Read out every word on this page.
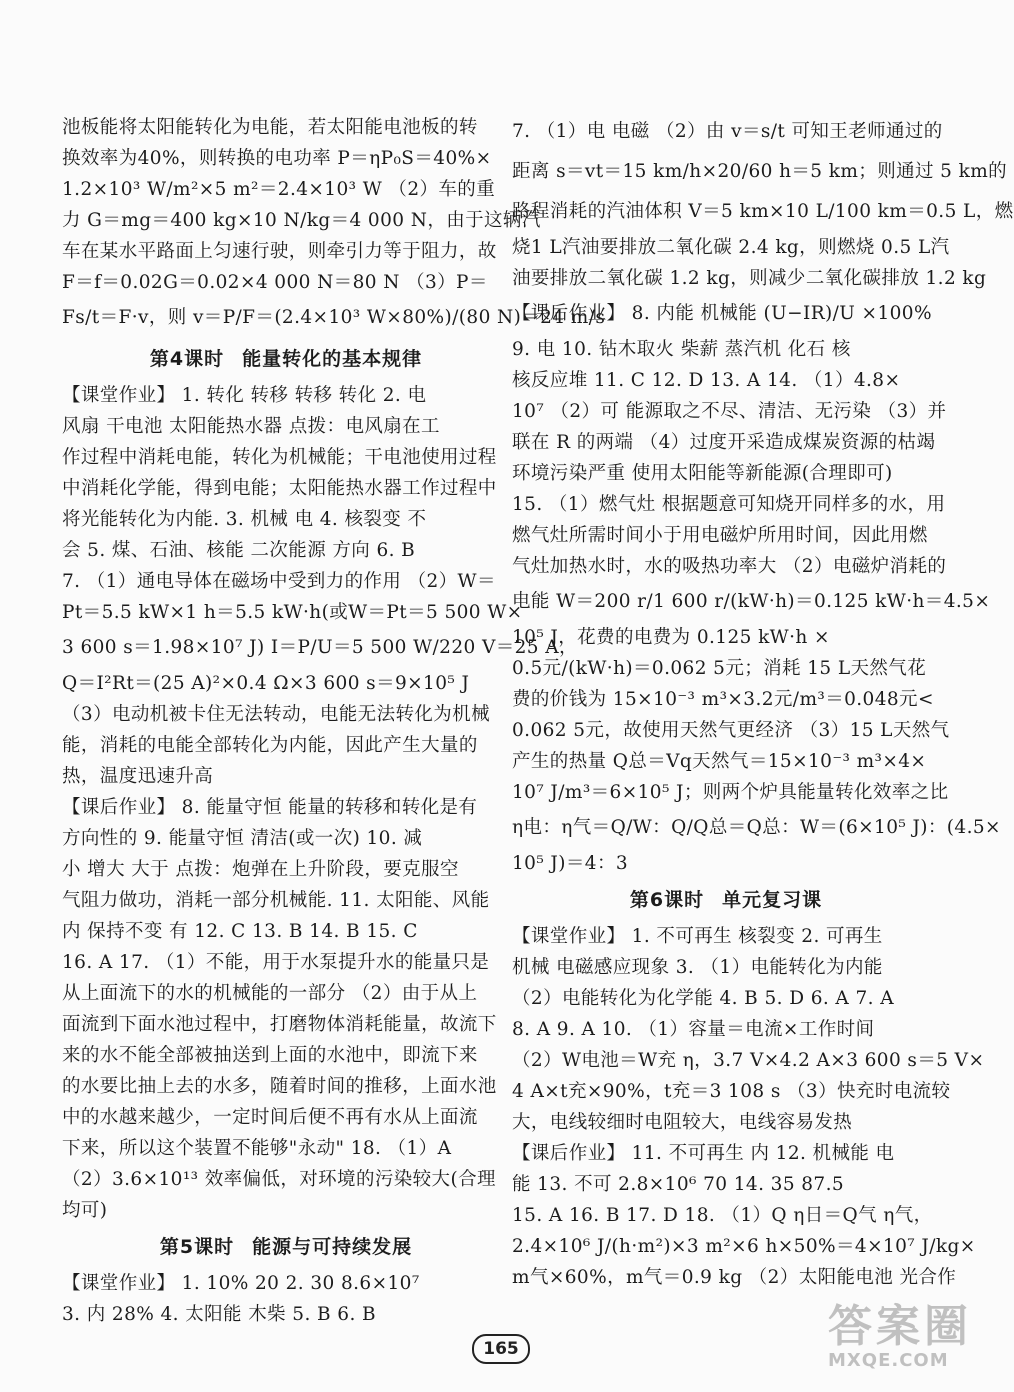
池板能将太阳能转化为电能，若太阳能电池板的转
换效率为40%，则转换的电功率 P＝ηP₀S＝40%×
1.2×10³ W/m²×5 m²＝2.4×10³ W （2）车的重
力 G＝mg＝400 kg×10 N/kg＝4 000 N，由于这辆汽
车在某水平路面上匀速行驶，则牵引力等于阻力，故
F＝f＝0.02G＝0.02×4 000 N＝80 N （3）P＝
Fs/t＝F·v，则 v＝P/F＝(2.4×10³ W×80%)/(80 N)＝24 m/s
第4课时 能量转化的基本规律
【课堂作业】 1. 转化 转移 转移 转化 2. 电
风扇 干电池 太阳能热水器 点拨：电风扇在工
作过程中消耗电能，转化为机械能；干电池使用过程
中消耗化学能，得到电能；太阳能热水器工作过程中
将光能转化为内能. 3. 机械 电 4. 核裂变 不
会 5. 煤、石油、核能 二次能源 方向 6. B
7. （1）通电导体在磁场中受到力的作用 （2）W＝
Pt＝5.5 kW×1 h＝5.5 kW·h(或W＝Pt＝5 500 W×
3 600 s＝1.98×10⁷ J) I＝P/U＝5 500 W/220 V＝25 A，
Q＝I²Rt＝(25 A)²×0.4 Ω×3 600 s＝9×10⁵ J
（3）电动机被卡住无法转动，电能无法转化为机械
能，消耗的电能全部转化为内能，因此产生大量的
热，温度迅速升高
【课后作业】 8. 能量守恒 能量的转移和转化是有
方向性的 9. 能量守恒 清洁(或一次) 10. 减
小 增大 大于 点拨：炮弹在上升阶段，要克服空
气阻力做功，消耗一部分机械能. 11. 太阳能、风能
内 保持不变 有 12. C 13. B 14. B 15. C
16. A 17. （1）不能，用于水泵提升水的能量只是
从上面流下的水的机械能的一部分 （2）由于从上
面流到下面水池过程中，打磨物体消耗能量，故流下
来的水不能全部被抽送到上面的水池中，即流下来
的水要比抽上去的水多，随着时间的推移，上面水池
中的水越来越少，一定时间后便不再有水从上面流
下来，所以这个装置不能够"永动" 18. （1）A
（2）3.6×10¹³ 效率偏低，对环境的污染较大(合理
均可)
第5课时 能源与可持续发展
【课堂作业】 1. 10% 20 2. 30 8.6×10⁷
3. 内 28% 4. 太阳能 木柴 5. B 6. B
7. （1）电 电磁 （2）由 v＝s/t 可知王老师通过的
距离 s＝vt＝15 km/h×20/60 h＝5 km；则通过 5 km的
路程消耗的汽油体积 V＝5 km×10 L/100 km＝0.5 L，燃
烧1 L汽油要排放二氧化碳 2.4 kg，则燃烧 0.5 L汽
油要排放二氧化碳 1.2 kg，则减少二氧化碳排放 1.2 kg
【课后作业】 8. 内能 机械能 (U−IR)/U ×100%
9. 电 10. 钻木取火 柴薪 蒸汽机 化石 核
核反应堆 11. C 12. D 13. A 14. （1）4.8×
10⁷ （2）可 能源取之不尽、清洁、无污染 （3）并
联在 R 的两端 （4）过度开采造成煤炭资源的枯竭
环境污染严重 使用太阳能等新能源(合理即可)
15. （1）燃气灶 根据题意可知烧开同样多的水，用
燃气灶所需时间小于用电磁炉所用时间，因此用燃
气灶加热水时，水的吸热功率大 （2）电磁炉消耗的
电能 W＝200 r/1 600 r/(kW·h)＝0.125 kW·h＝4.5×
10⁵ J，花费的电费为 0.125 kW·h ×
0.5元/(kW·h)＝0.062 5元；消耗 15 L天然气花
费的价钱为 15×10⁻³ m³×3.2元/m³＝0.048元<
0.062 5元，故使用天然气更经济 （3）15 L天然气
产生的热量 Q总＝Vq天然气＝15×10⁻³ m³×4×
10⁷ J/m³＝6×10⁵ J；则两个炉具能量转化效率之比
η电：η气＝Q/W：Q/Q总＝Q总：W＝(6×10⁵ J)：(4.5×
10⁵ J)＝4：3
第6课时 单元复习课
【课堂作业】 1. 不可再生 核裂变 2. 可再生
机械 电磁感应现象 3. （1）电能转化为内能
（2）电能转化为化学能 4. B 5. D 6. A 7. A
8. A 9. A 10. （1）容量＝电流×工作时间
（2）W电池＝W充 η，3.7 V×4.2 A×3 600 s＝5 V×
4 A×t充×90%，t充＝3 108 s （3）快充时电流较
大，电线较细时电阻较大，电线容易发热
【课后作业】 11. 不可再生 内 12. 机械能 电
能 13. 不可 2.8×10⁶ 70 14. 35 87.5
15. A 16. B 17. D 18. （1）Q η日＝Q气 η气，
2.4×10⁶ J/(h·m²)×3 m²×6 h×50%＝4×10⁷ J/kg×
m气×60%，m气＝0.9 kg （2）太阳能电池 光合作
165	答案圈
MXQE.COM
